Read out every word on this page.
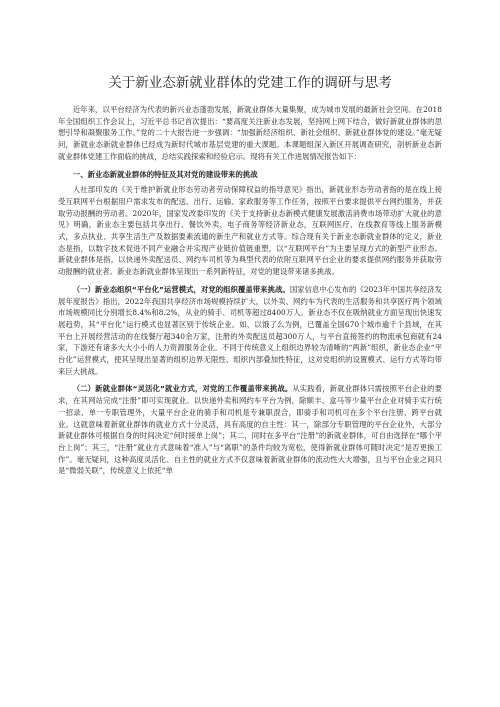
关于新业态新就业群体的党建工作的调研与思考

近年来，以平台经济为代表的新兴业态蓬勃发展，新就业群体大量集聚，成为城市发展的最新社会空间。在2018年全国组织工作会议上，习近平总书记首次提出：“要高度关注新业态发展，坚持网上网下结合，做好新就业群体的思想引导和凝聚服务工作。”党的二十大报告进一步强调：“加强新经济组织、新社会组织、新就业群体党的建设。”毫无疑问，新就业态新就业群体已经成为新时代城市基层党建的重大课题。本课题组深入新区开展调查研究，剖析新业态新就业群体党建工作面临的挑战，总结实践探索和经验启示。现将有关工作进展情况报告如下：

一、新业态新就业群体的特征及其对党的建设带来的挑战

人社部印发的《关于维护新就业形态劳动者劳动保障权益的指导意见》指出，新就业形态劳动者指的是在线上接受互联网平台根据用户需求发布的配送、出行、运输、家政服务等工作任务，按照平台要求提供平台网约服务，并获取劳动报酬的劳动者。2020年，国家发改委印发的《关于支持新业态新模式健康发展激活消费市场带动扩大就业的意见》明确，新业态主要包括共享出行、餐饮外卖、电子商务等经济新业态，互联网医疗、在线教育等线上服务新模式，多点执业、共享生活生产及数据要素流通的新生产和就业方式等。综合现有关于新业态新就业群体的定义，新业态是指，以数字技术促进不同产业融合并实现产业链价值链重塑，以“互联网平台”为主要呈现方式的新型产业形态。新就业群体是指，以快递外卖配送员、网约车司机等为典型代表的依附互联网平台企业的要求提供网约服务并获取劳动报酬的就业者。新业态新就业群体呈现出一系列新特征，对党的建设带来诸多挑战。

（一）新业态组织“平台化”运营模式，对党的组织覆盖带来挑战。国家信息中心发布的《2023年中国共享经济发展年度报告》指出，2022年我国共享经济市场规模持续扩大，以外卖、网约车为代表的生活服务和共享医疗两个领域市场规模同比分别增长8.4%和8.2%，从业的骑手、司机等超过8400万人。新业态不仅在吸纳就业方面呈现出快速发展趋势，其“平台化”运行模式也显著区别于传统企业。如，以饿了么为例，已覆盖全国670个城市逾千个县域，在其平台上开展经营活动的在线餐厅超340余万家，注册的外卖配送员超300万人，与平台直接签约的物流承包商就有24家，下游还有诸多大大小小的人力资源服务企业。不同于传统意义上组织边界较为清晰的“两新”组织，新业态企业“平台化”运营模式，使其呈现出显著的组织边界无限性、组织内部叠加性特征，这对党组织的设置模式、运行方式等均带来巨大挑战。

（二）新就业群体“灵活化”就业方式，对党的工作覆盖带来挑战。从实践看，新就业群体只需按照平台企业的要求，在其网站完成“注册”即可实现就业。以快递外卖和网约车平台为例，除顺丰、盒马等少量平台企业对骑手实行统一招录、单一专职管理外，大量平台企业的骑手和司机是专兼职混合，即骑手和司机可在多个平台注册、跨平台就业。这就意味着新就业群体的就业方式十分灵活，具有高度的自主性：其一，除部分专职管理的平台企业外，大部分新就业群体可根据自身的时间决定“何时接单上岗”；其二，同时在多平台“注册”的新就业群体，可自由选择在“哪个平台上岗”；其三，“注册”就业方式意味着“准入”与“离职”的条件均较为宽松，使得新就业群体可随时决定“是否更换工作”。毫无疑问，这种高度灵活化、自主性的就业方式不仅意味着新就业群体的流动性大大增强，且与平台企业之间只是“微弱关联”，传统意义上依托“单
